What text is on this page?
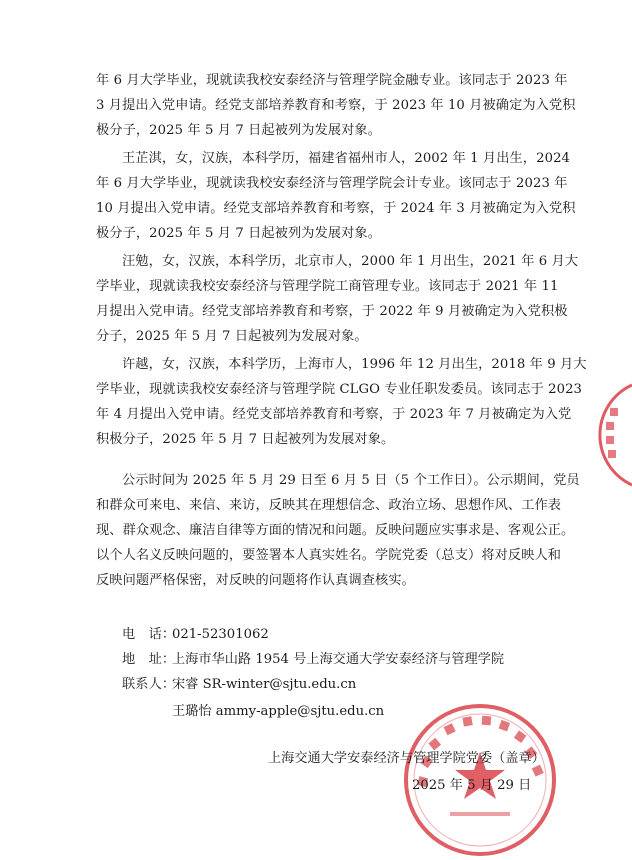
年 6 月大学毕业，现就读我校安泰经济与管理学院金融专业。该同志于 2023 年
3 月提出入党申请。经党支部培养教育和考察，于 2023 年 10 月被确定为入党积
极分子，2025 年 5 月 7 日起被列为发展对象。
王芷淇，女，汉族，本科学历，福建省福州市人，2002 年 1 月出生，2024
年 6 月大学毕业，现就读我校安泰经济与管理学院会计专业。该同志于 2023 年
10 月提出入党申请。经党支部培养教育和考察，于 2024 年 3 月被确定为入党积
极分子，2025 年 5 月 7 日起被列为发展对象。
汪勉，女，汉族，本科学历，北京市人，2000 年 1 月出生，2021 年 6 月大
学毕业，现就读我校安泰经济与管理学院工商管理专业。该同志于 2021 年 11
月提出入党申请。经党支部培养教育和考察，于 2022 年 9 月被确定为入党积极
分子，2025 年 5 月 7 日起被列为发展对象。
许越，女，汉族，本科学历，上海市人，1996 年 12 月出生，2018 年 9 月大
学毕业，现就读我校安泰经济与管理学院 CLGO 专业任职发委员。该同志于 2023
年 4 月提出入党申请。经党支部培养教育和考察，于 2023 年 7 月被确定为入党
积极分子，2025 年 5 月 7 日起被列为发展对象。
公示时间为 2025 年 5 月 29 日至 6 月 5 日（5 个工作日）。公示期间，党员
和群众可来电、来信、来访，反映其在理想信念、政治立场、思想作风、工作表
现、群众观念、廉洁自律等方面的情况和问题。反映问题应实事求是、客观公正。
以个人名义反映问题的，要签署本人真实姓名。学院党委（总支）将对反映人和
反映问题严格保密，对反映的问题将作认真调查核实。
电　话：
021-52301062
地　址：
上海市华山路 1954 号上海交通大学安泰经济与管理学院
联系人：
宋睿 SR-winter@sjtu.edu.cn
王璐怡 ammy-apple@sjtu.edu.cn
上海交通大学安泰经济与管理学院党委（盖章）
2025 年 5 月 29 日
